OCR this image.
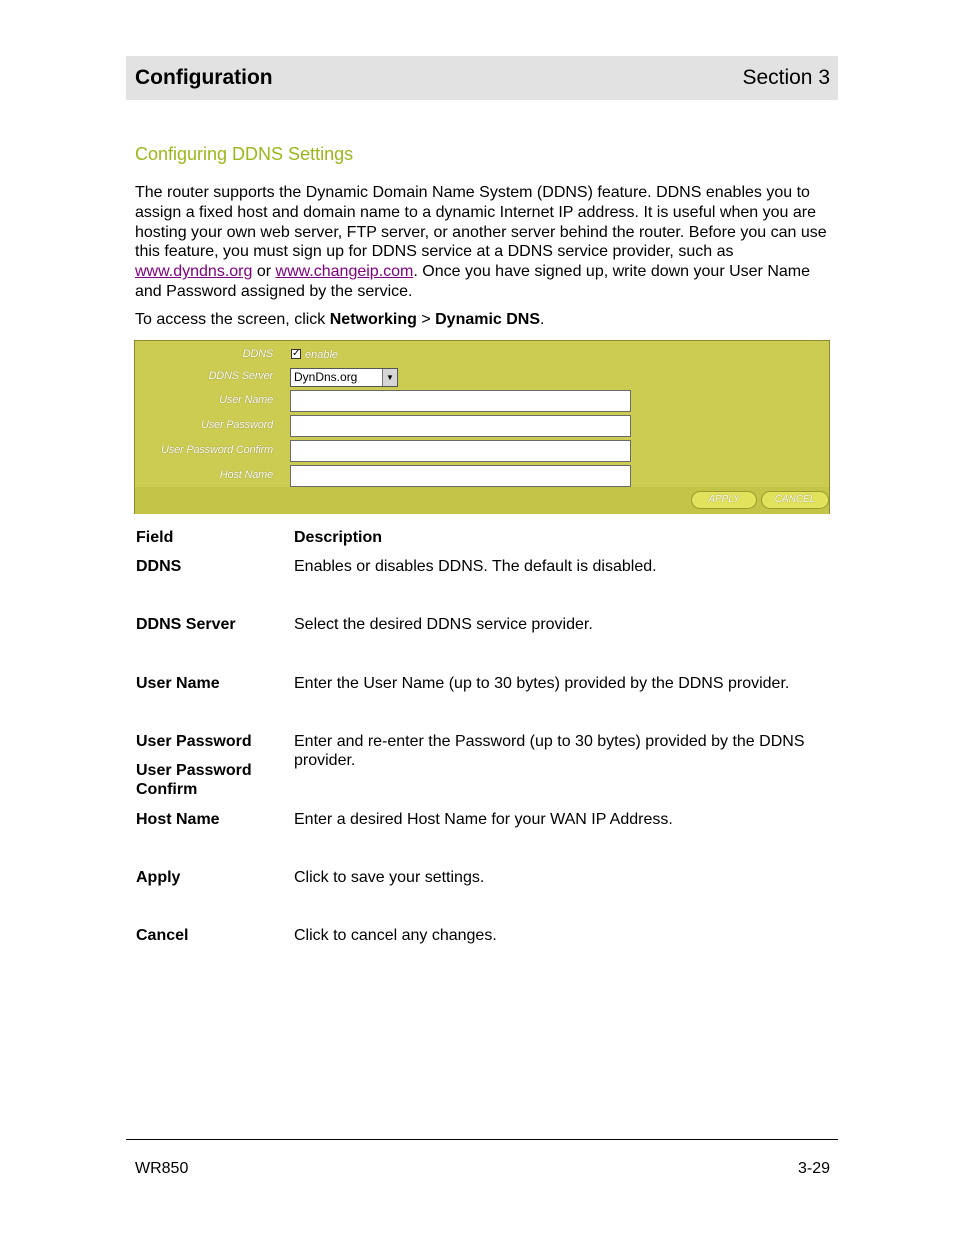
Configuration	Section 3
Configuring DDNS Settings

The router supports the Dynamic Domain Name System (DDNS) feature. DDNS enables you to assign a fixed host and domain name to a dynamic Internet IP address. It is useful when you are hosting your own web server, FTP server, or another server behind the router. Before you can use this feature, you must sign up for DDNS service at a DDNS service provider, such as www.dyndns.org or www.changeip.com. Once you have signed up, write down your User Name and Password assigned by the service.

To access the screen, click Networking > Dynamic DNS.

DDNS ✓ enable
DDNS Server	DynDns.org	▼
User Name
User Password
User Password Confirm
Host Name
APPLY	CANCEL
Field	Description
DDNS	Enables or disables DDNS. The default is disabled.
DDNS Server	Select the desired DDNS service provider.
User Name	Enter the User Name (up to 30 bytes) provided by the DDNS provider.
User Password	Enter and re-enter the Password (up to 30 bytes) provided by the DDNS provider.
User Password Confirm
Host Name	Enter a desired Host Name for your WAN IP Address.
Apply	Click to save your settings.
Cancel	Click to cancel any changes.
WR850	3-29
